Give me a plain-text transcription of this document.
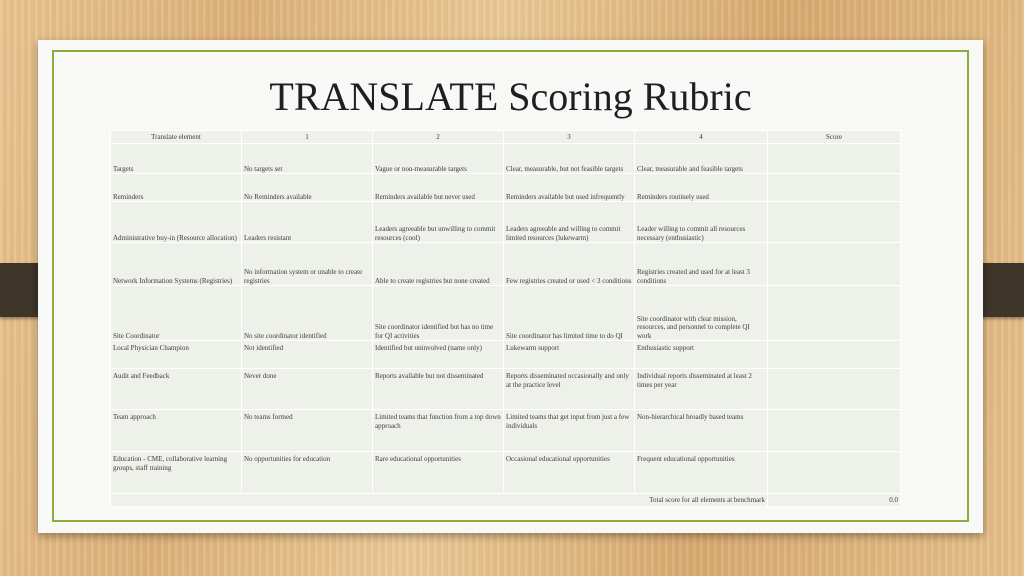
TRANSLATE Scoring Rubric
Translate element	1	2	3	4	Score
Targets	No targets set	Vague or non-measurable targets	Clear, measurable, but not feasible targets	Clear, measurable and feasible targets	
Reminders	No Reminders available	Reminders available but never used	Reminders available but used infrequently	Reminders routinely used	
Administrative buy-in (Resource allocation)	Leaders resistant	Leaders agreeable but unwilling to commit resources (cool)	Leaders agreeable and willing to commit limited resources (lukewarm)	Leader willing to commit all resources necessary (enthusiastic)	
Network Information Systems (Registries)	No information system or unable to create registries	Able to create registries but none created	Few registries created or used < 3 conditions	Registries created and used for at least 3 conditions	
Site Coordinator	No site coordinator identified	Site coordinator identified but has no time for QI activities	Site coordinator has limited time to do QI	Site coordinator with clear mission, resources, and personnel to complete QI work	
Local Physician Champion	Not identified	Identified but uninvolved (name only)	Lukewarm support	Enthusiastic support	
Audit and Feedback	Never done	Reports available but not disseminated	Reports disseminated occasionally and only at the practice level	Individual reports disseminated at least 2 times per year	
Team approach	No teams formed	Limited teams that function from a top down approach	Limited teams that get input from just a few individuals	Non-hierarchical broadly based teams	
Education - CME, collaborative learning groups, staff training	No opportunities for education	Rare educational opportunities	Occasional educational opportunities	Frequent educational opportunities	
Total score for all elements at benchmark					0.0
